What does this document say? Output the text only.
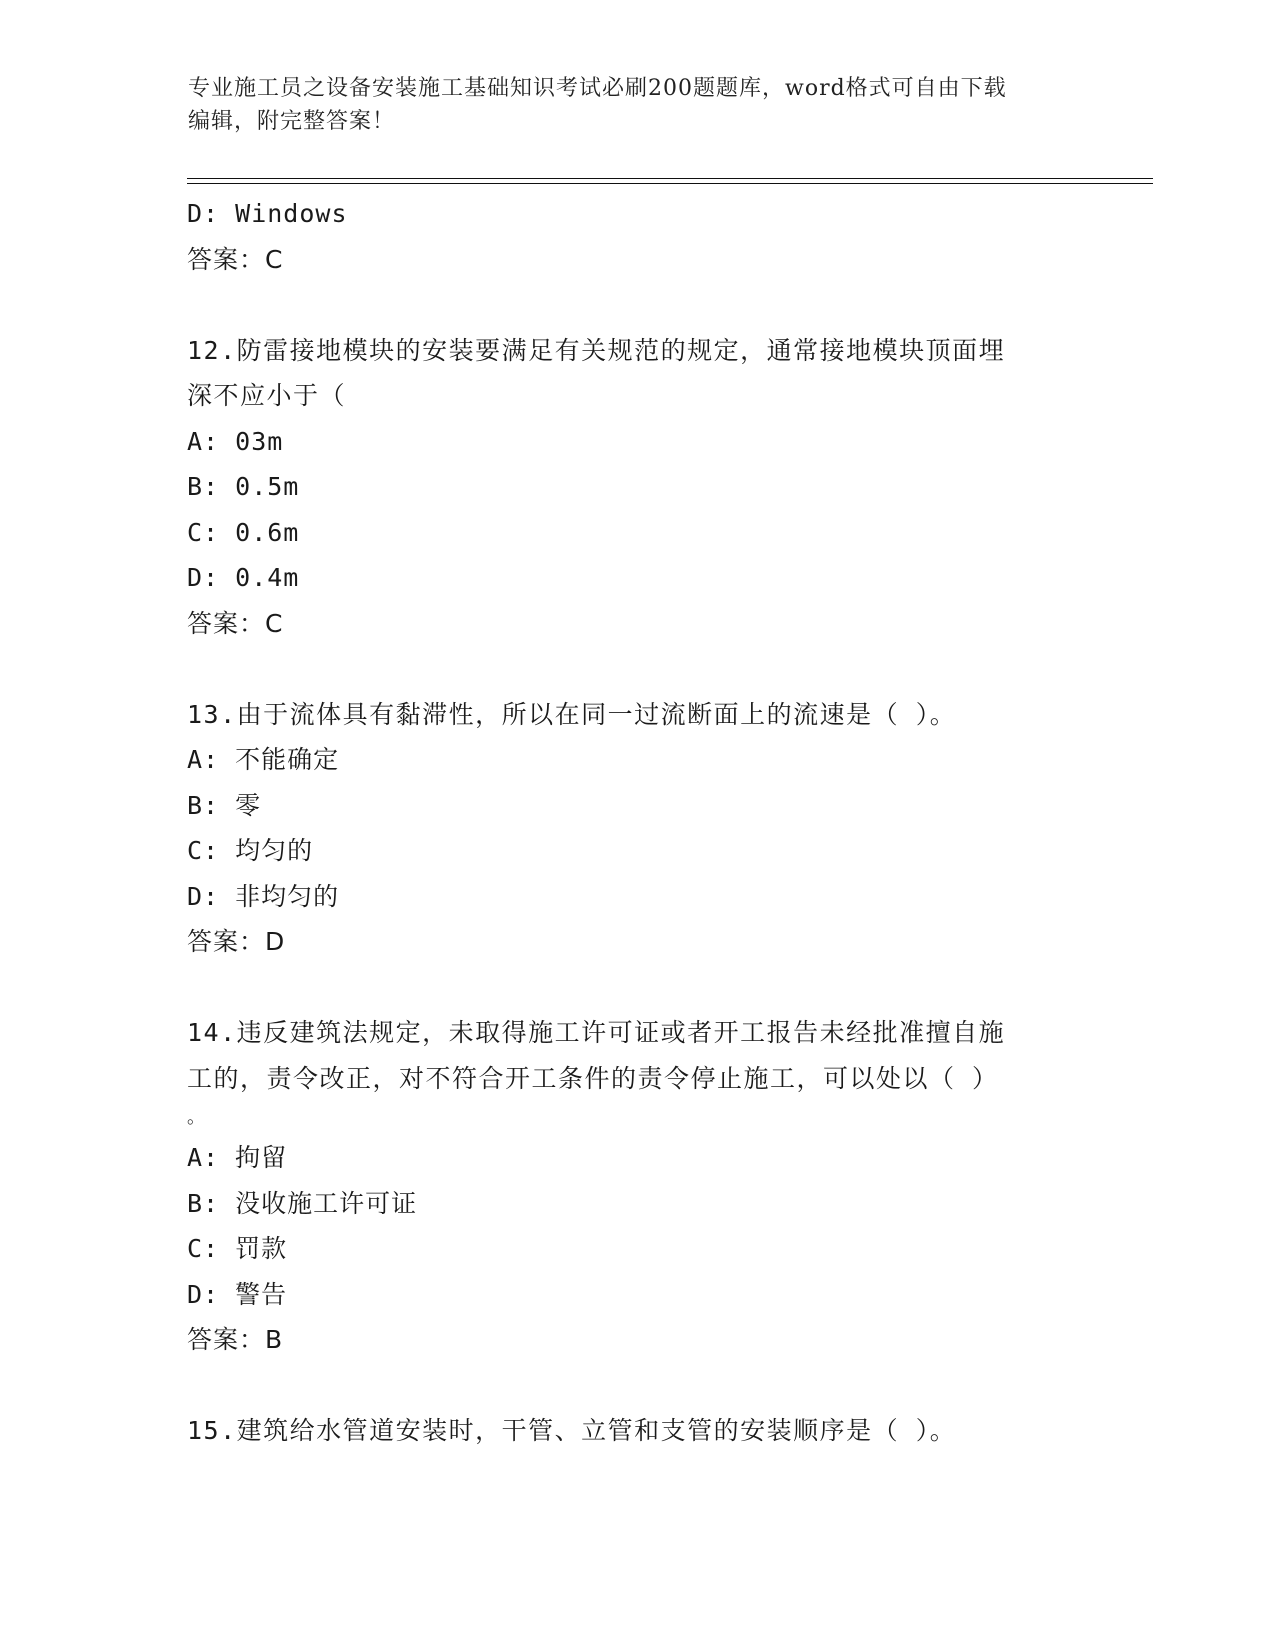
专业施工员之设备安装施工基础知识考试必刷200题题库，word格式可自由下载
编辑，附完整答案！
D: Windows
答案：C
12.防雷接地模块的安装要满足有关规范的规定，通常接地模块顶面埋
深不应小于（
A: 03m
B: 0.5m
C: 0.6m
D: 0.4m
答案：C
13.由于流体具有黏滞性，所以在同一过流断面上的流速是（ ）。
A: 不能确定
B: 零
C: 均匀的
D: 非均匀的
答案：D
14.违反建筑法规定，未取得施工许可证或者开工报告未经批准擅自施
工的，责令改正，对不符合开工条件的责令停止施工，可以处以（ ）
。
A: 拘留
B: 没收施工许可证
C: 罚款
D: 警告
答案：B
15.建筑给水管道安装时，干管、立管和支管的安装顺序是（ ）。
